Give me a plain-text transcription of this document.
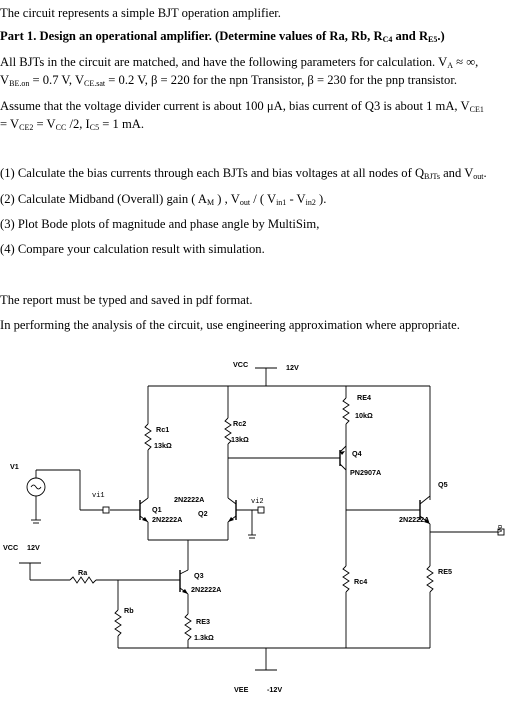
The circuit represents a simple BJT operation amplifier.
Part 1. Design an operational amplifier. (Determine values of Ra, Rb, $R_{C4}$ and $R_{E5}$.)
All BJTs in the circuit are matched, and have the following parameters for calculation. $V_A$ ≈ ∞,
$V_{BE.on} = 0.7$ V, $V_{CE.sat} = 0.2$ V, β = 220 for the npn Transistor, β = 230 for the pnp transistor.
Assume that the voltage divider current is about 100 μA, bias current of Q3 is about 1 mA, $V_{CE1}$
= $V_{CE2} = V_{CC}$ /2, $I_{C5} = 1$ mA.
(1) Calculate the bias currents through each BJTs and bias voltages at all nodes of $Q_{BJTs}$ and $V_{out}$.
(2) Calculate Midband (Overall) gain ( $A_M$ ) , $V_{out}$ / ( $V_{in1} - V_{in2}$ ).
(3) Plot Bode plots of magnitude and phase angle by MultiSim,
(4) Compare your calculation result with simulation.
The report must be typed and saved in pdf format.
In performing the analysis of the circuit, use engineering approximation where appropriate.
VCC	12V
RE4
10kΩ
Rc1
13kΩ
Rc2
13kΩ
Q4
PN2907A
V1
Q5
vi1	2N2222A	vi2
Q1	Q2
2N2222A	2N2222A
vo
VCC 12V
Ra	Q3
2N2222A
RE5
Rc4
Rb
RE3
1.3kΩ
VEE	-12V
